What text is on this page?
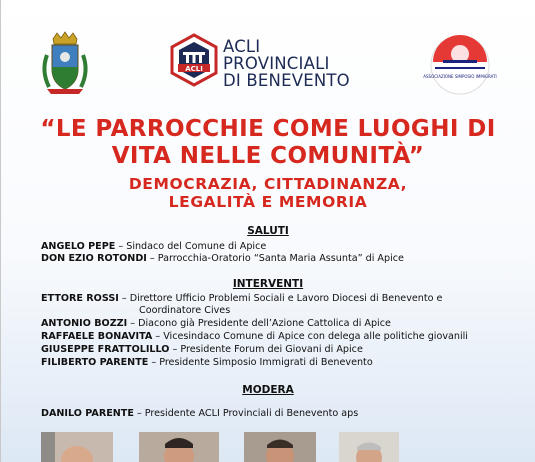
ACLI
ACLI
PROVINCIALI
DI BENEVENTO	ASSOCIAZIONE SIMPOSIO IMMIGRATI
“LE PARROCCHIE COME LUOGHI DI
VITA NELLE COMUNITÀ”
DEMOCRAZIA, CITTADINANZA,
LEGALITÀ E MEMORIA
SALUTI
ANGELO PEPE – Sindaco del Comune di Apice
DON EZIO ROTONDI – Parrocchia-Oratorio “Santa Maria Assunta” di Apice
INTERVENTI
ETTORE ROSSI – Direttore Ufficio Problemi Sociali e Lavoro Diocesi di Benevento e
Coordinatore Cives
ANTONIO BOZZI – Diacono già Presidente dell’Azione Cattolica di Apice
RAFFAELE BONAVITA – Vicesindaco Comune di Apice con delega alle politiche giovanili
GIUSEPPE FRATTOLILLO – Presidente Forum dei Giovani di Apice
FILIBERTO PARENTE – Presidente Simposio Immigrati di Benevento
MODERA
DANILO PARENTE – Presidente ACLI Provinciali di Benevento aps
